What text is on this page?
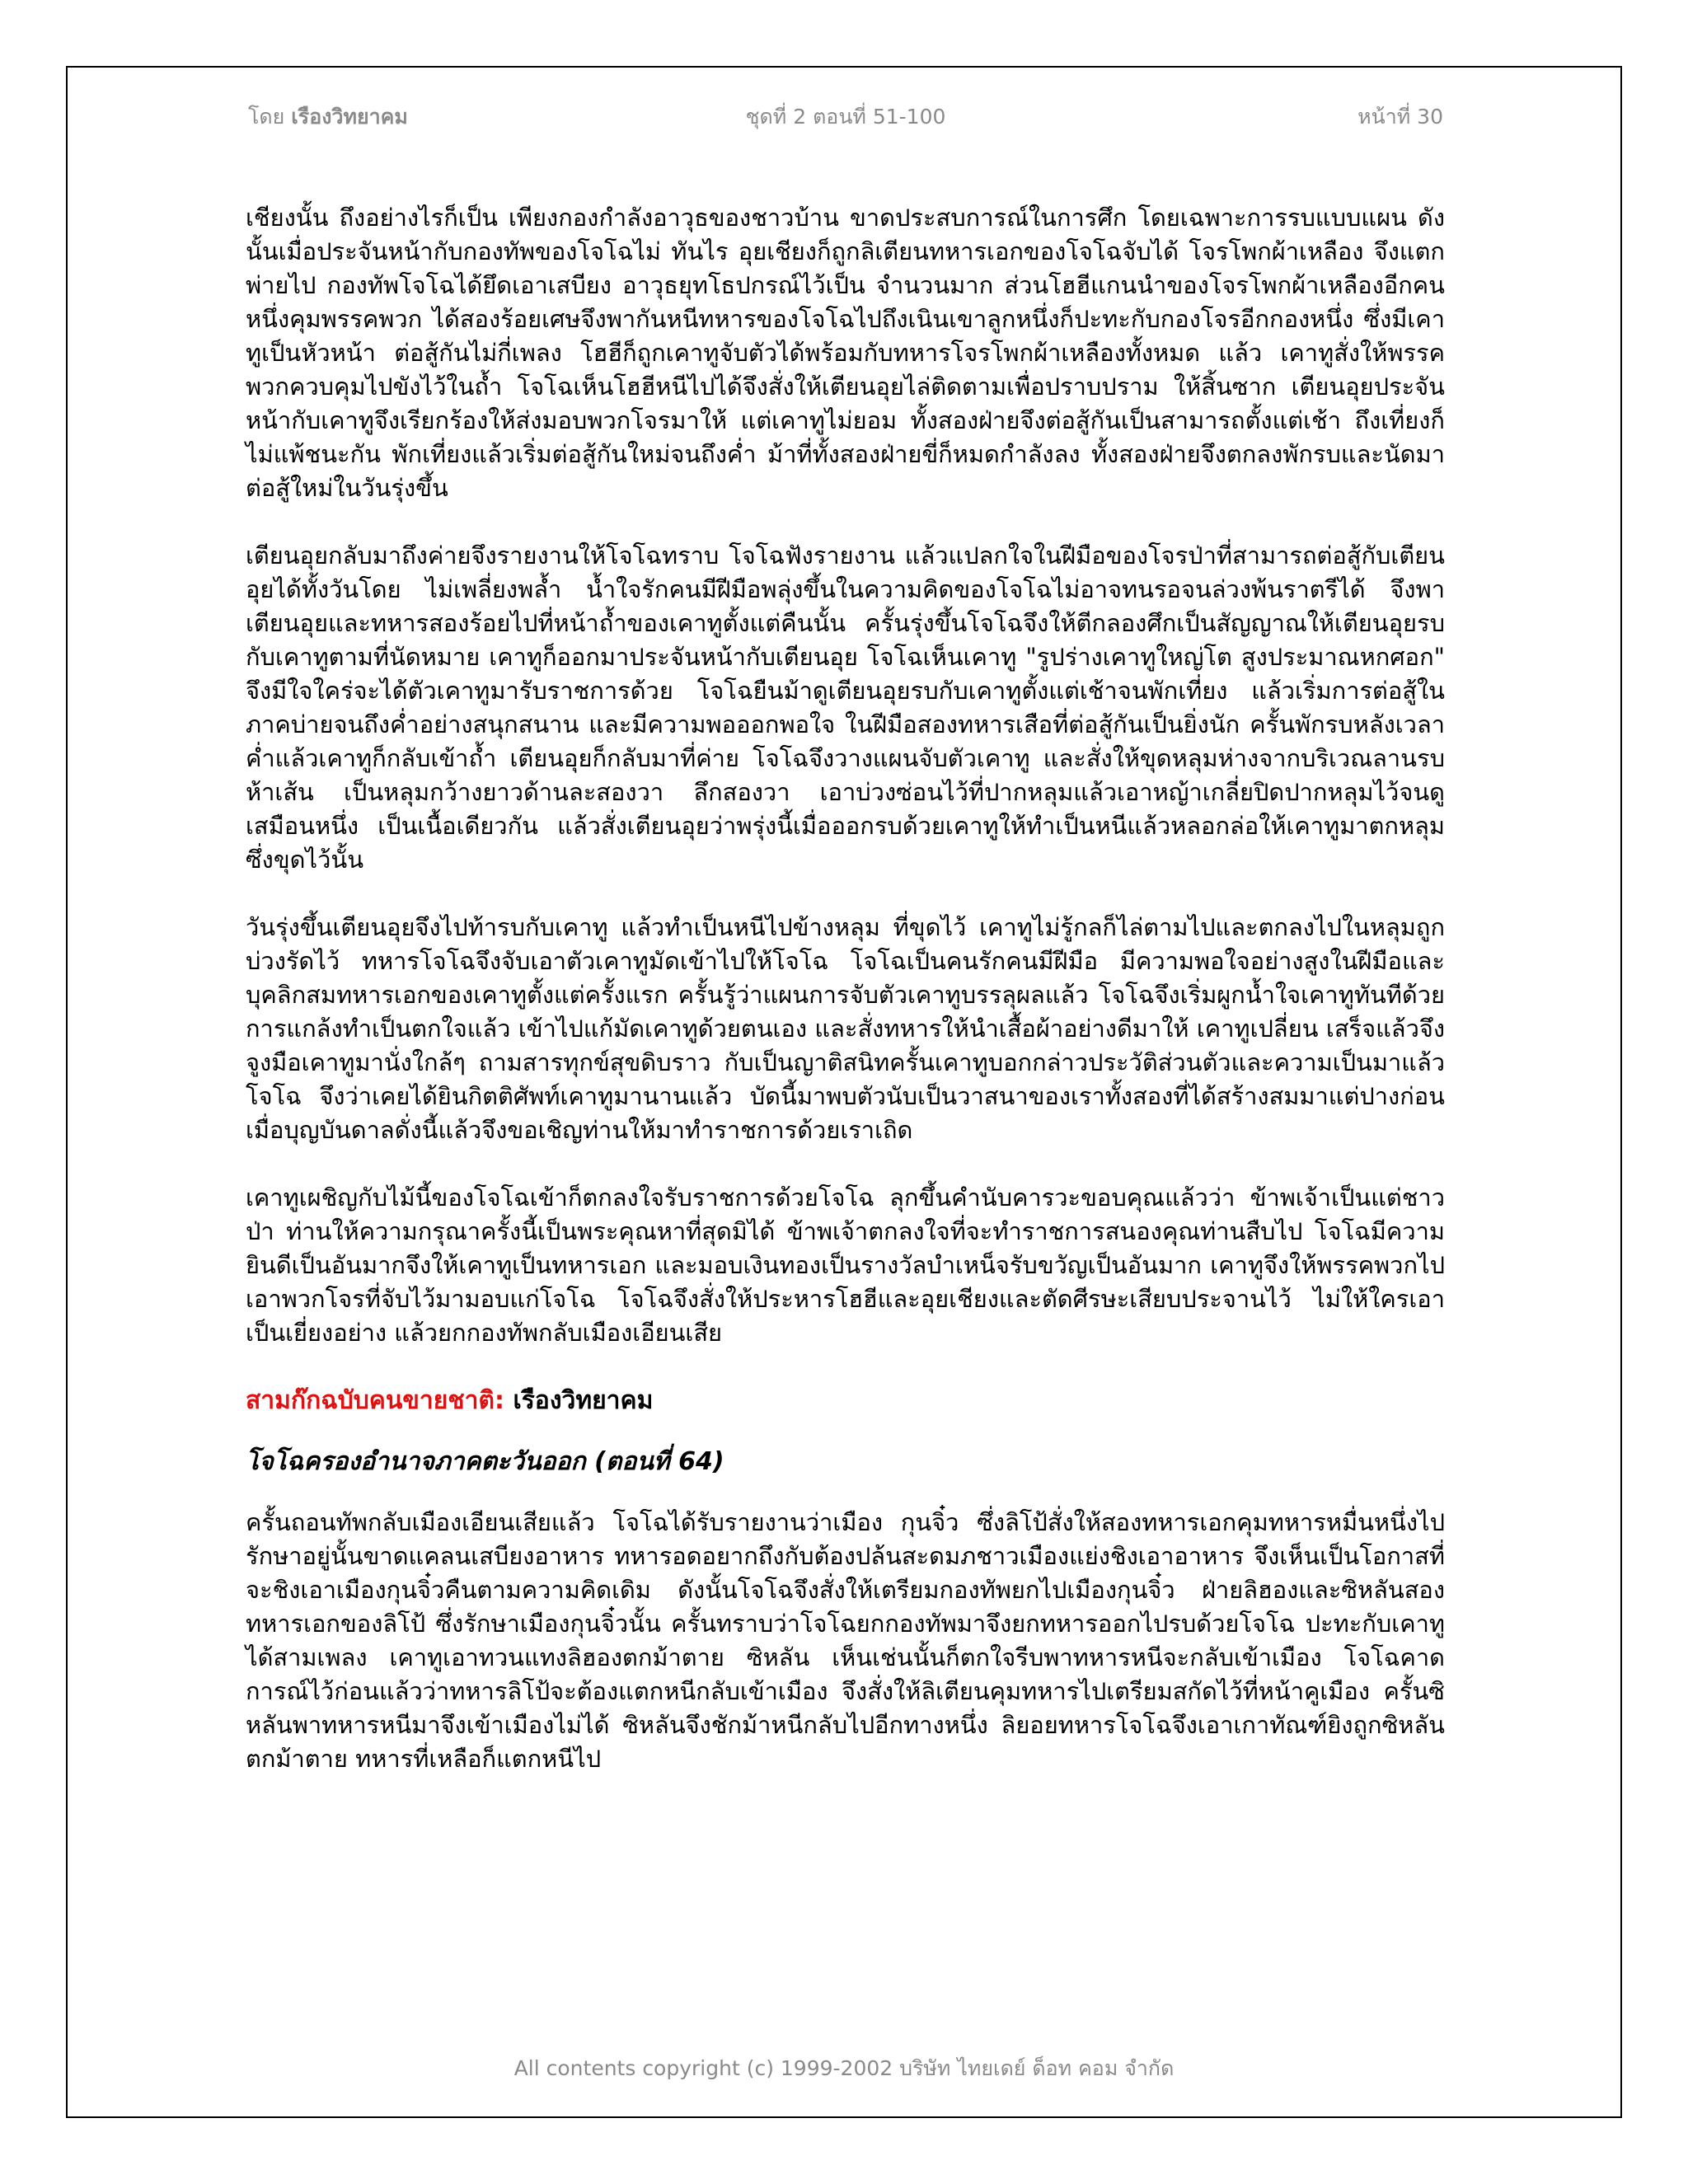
โดย เรืองวิทยาคม	ชุดที่ 2 ตอนที่ 51-100	หน้าที่ 30

เชียงนั้น ถึงอย่างไรก็เป็น เพียงกองกำลังอาวุธของชาวบ้าน ขาดประสบการณ์ในการศึก โดยเฉพาะการรบแบบแผน ดังนั้นเมื่อประจันหน้ากับกองทัพของโจโฉไม่ ทันไร อุยเชียงก็ถูกลิเตียนทหารเอกของโจโฉจับได้ โจรโพกผ้าเหลือง จึงแตกพ่ายไป กองทัพโจโฉได้ยึดเอาเสบียง อาวุธยุทโธปกรณ์ไว้เป็น จำนวนมาก ส่วนโฮฮีแกนนำของโจรโพกผ้าเหลืองอีกคนหนึ่งคุมพรรคพวก ได้สองร้อยเศษจึงพากันหนีทหารของโจโฉไปถึงเนินเขาลูกหนึ่งก็ปะทะกับกองโจรอีกกองหนึ่ง ซึ่งมีเคาทูเป็นหัวหน้า ต่อสู้กันไม่กี่เพลง โฮฮีก็ถูกเคาทูจับตัวได้พร้อมกับทหารโจรโพกผ้าเหลืองทั้งหมด แล้ว เคาทูสั่งให้พรรคพวกควบคุมไปขังไว้ในถ้ำ โจโฉเห็นโฮฮีหนีไปได้จึงสั่งให้เตียนอุยไล่ติดตามเพื่อปราบปราม ให้สิ้นซาก เตียนอุยประจันหน้ากับเคาทูจึงเรียกร้องให้ส่งมอบพวกโจรมาให้ แต่เคาทูไม่ยอม ทั้งสองฝ่ายจึงต่อสู้กันเป็นสามารถตั้งแต่เช้า ถึงเที่ยงก็ไม่แพ้ชนะกัน พักเที่ยงแล้วเริ่มต่อสู้กันใหม่จนถึงค่ำ ม้าที่ทั้งสองฝ่ายขี่ก็หมดกำลังลง ทั้งสองฝ่ายจึงตกลงพักรบและนัดมาต่อสู้ใหม่ในวันรุ่งขึ้น

เตียนอุยกลับมาถึงค่ายจึงรายงานให้โจโฉทราบ โจโฉฟังรายงาน แล้วแปลกใจในฝีมือของโจรป่าที่สามารถต่อสู้กับเตียนอุยได้ทั้งวันโดย ไม่เพลี่ยงพล้ำ น้ำใจรักคนมีฝีมือพลุ่งขึ้นในความคิดของโจโฉไม่อาจทนรอจนล่วงพ้นราตรีได้ จึงพาเตียนอุยและทหารสองร้อยไปที่หน้าถ้ำของเคาทูตั้งแต่คืนนั้น ครั้นรุ่งขึ้นโจโฉจึงให้ตีกลองศึกเป็นสัญญาณให้เตียนอุยรบกับเคาทูตามที่นัดหมาย เคาทูก็ออกมาประจันหน้ากับเตียนอุย โจโฉเห็นเคาทู "รูปร่างเคาทูใหญ่โต สูงประมาณหกศอก" จึงมีใจใคร่จะได้ตัวเคาทูมารับราชการด้วย โจโฉยืนม้าดูเตียนอุยรบกับเคาทูตั้งแต่เช้าจนพักเที่ยง แล้วเริ่มการต่อสู้ในภาคบ่ายจนถึงค่ำอย่างสนุกสนาน และมีความพอออกพอใจ ในฝีมือสองทหารเสือที่ต่อสู้กันเป็นยิ่งนัก ครั้นพักรบหลังเวลาค่ำแล้วเคาทูก็กลับเข้าถ้ำ เตียนอุยก็กลับมาที่ค่าย โจโฉจึงวางแผนจับตัวเคาทู และสั่งให้ขุดหลุมห่างจากบริเวณลานรบห้าเส้น เป็นหลุมกว้างยาวด้านละสองวา ลึกสองวา เอาบ่วงซ่อนไว้ที่ปากหลุมแล้วเอาหญ้าเกลี่ยปิดปากหลุมไว้จนดูเสมือนหนึ่ง เป็นเนื้อเดียวกัน แล้วสั่งเตียนอุยว่าพรุ่งนี้เมื่อออกรบด้วยเคาทูให้ทำเป็นหนีแล้วหลอกล่อให้เคาทูมาตกหลุมซึ่งขุดไว้นั้น

วันรุ่งขึ้นเตียนอุยจึงไปท้ารบกับเคาทู แล้วทำเป็นหนีไปข้างหลุม ที่ขุดไว้ เคาทูไม่รู้กลก็ไล่ตามไปและตกลงไปในหลุมถูกบ่วงรัดไว้ ทหารโจโฉจึงจับเอาตัวเคาทูมัดเข้าไปให้โจโฉ โจโฉเป็นคนรักคนมีฝีมือ มีความพอใจอย่างสูงในฝีมือและบุคลิกสมทหารเอกของเคาทูตั้งแต่ครั้งแรก ครั้นรู้ว่าแผนการจับตัวเคาทูบรรลุผลแล้ว โจโฉจึงเริ่มผูกน้ำใจเคาทูทันทีด้วยการแกล้งทำเป็นตกใจแล้ว เข้าไปแก้มัดเคาทูด้วยตนเอง และสั่งทหารให้นำเสื้อผ้าอย่างดีมาให้ เคาทูเปลี่ยน เสร็จแล้วจึงจูงมือเคาทูมานั่งใกล้ๆ ถามสารทุกข์สุขดิบราว กับเป็นญาติสนิทครั้นเคาทูบอกกล่าวประวัติส่วนตัวและความเป็นมาแล้ว โจโฉ จึงว่าเคยได้ยินกิตติศัพท์เคาทูมานานแล้ว บัดนี้มาพบตัวนับเป็นวาสนาของเราทั้งสองที่ได้สร้างสมมาแต่ปางก่อน เมื่อบุญบันดาลดั่งนี้แล้วจึงขอเชิญท่านให้มาทำราชการด้วยเราเถิด

เคาทูเผชิญกับไม้นี้ของโจโฉเข้าก็ตกลงใจรับราชการด้วยโจโฉ ลุกขึ้นคำนับคารวะขอบคุณแล้วว่า ข้าพเจ้าเป็นแต่ชาวป่า ท่านให้ความกรุณาครั้งนี้เป็นพระคุณหาที่สุดมิได้ ข้าพเจ้าตกลงใจที่จะทำราชการสนองคุณท่านสืบไป โจโฉมีความยินดีเป็นอันมากจึงให้เคาทูเป็นทหารเอก และมอบเงินทองเป็นรางวัลบำเหน็จรับขวัญเป็นอันมาก เคาทูจึงให้พรรคพวกไปเอาพวกโจรที่จับไว้มามอบแก่โจโฉ โจโฉจึงสั่งให้ประหารโฮฮีและอุยเชียงและตัดศีรษะเสียบประจานไว้ ไม่ให้ใครเอาเป็นเยี่ยงอย่าง แล้วยกกองทัพกลับเมืองเอียนเสีย

สามก๊กฉบับคนขายชาติ: เรืองวิทยาคม
โจโฉครองอำนาจภาคตะวันออก (ตอนที่ 64)

ครั้นถอนทัพกลับเมืองเอียนเสียแล้ว โจโฉได้รับรายงานว่าเมือง กุนจิ๋ว ซึ่งลิโป้สั่งให้สองทหารเอกคุมทหารหมื่นหนึ่งไปรักษาอยู่นั้นขาดแคลนเสบียงอาหาร ทหารอดอยากถึงกับต้องปล้นสะดมภชาวเมืองแย่งชิงเอาอาหาร จึงเห็นเป็นโอกาสที่จะชิงเอาเมืองกุนจิ๋วคืนตามความคิดเดิม ดังนั้นโจโฉจึงสั่งให้เตรียมกองทัพยกไปเมืองกุนจิ๋ว ฝ่ายลิฮองและซิหลันสองทหารเอกของลิโป้ ซึ่งรักษาเมืองกุนจิ๋วนั้น ครั้นทราบว่าโจโฉยกกองทัพมาจึงยกทหารออกไปรบด้วยโจโฉ ปะทะกับเคาทูได้สามเพลง เคาทูเอาทวนแทงลิฮองตกม้าตาย ซิหลัน เห็นเช่นนั้นก็ตกใจรีบพาทหารหนีจะกลับเข้าเมือง โจโฉคาดการณ์ไว้ก่อนแล้วว่าทหารลิโป้จะต้องแตกหนีกลับเข้าเมือง จึงสั่งให้ลิเตียนคุมทหารไปเตรียมสกัดไว้ที่หน้าคูเมือง ครั้นซิหลันพาทหารหนีมาจึงเข้าเมืองไม่ได้ ซิหลันจึงชักม้าหนีกลับไปอีกทางหนึ่ง ลิยอยทหารโจโฉจึงเอาเกาทัณฑ์ยิงถูกซิหลันตกม้าตาย ทหารที่เหลือก็แตกหนีไป

All contents copyright (c) 1999-2002 บริษัท ไทยเดย์ ด็อท คอม จำกัด
